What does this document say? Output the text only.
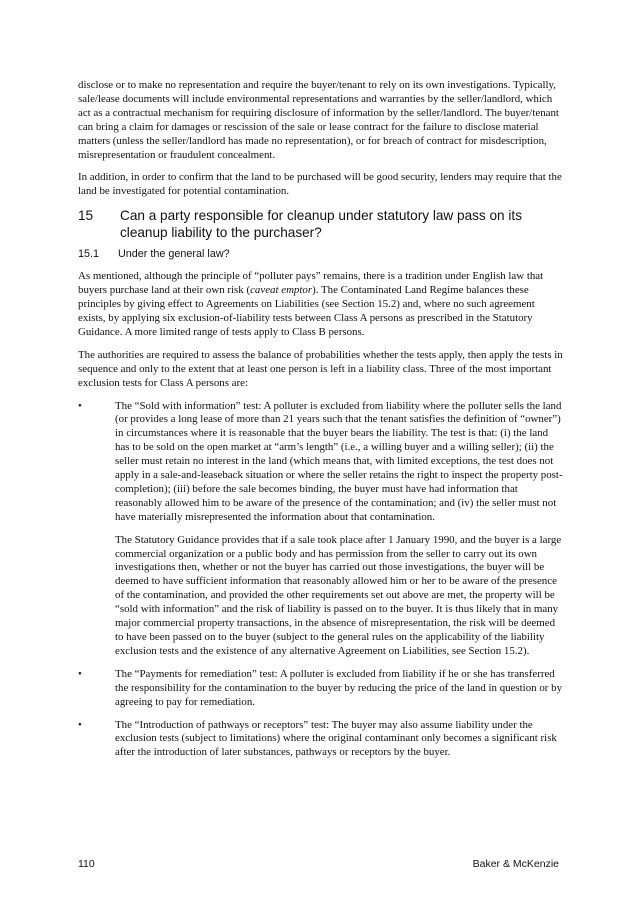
disclose or to make no representation and require the buyer/tenant to rely on its own investigations. Typically, sale/lease documents will include environmental representations and warranties by the seller/landlord, which act as a contractual mechanism for requiring disclosure of information by the seller/landlord. The buyer/tenant can bring a claim for damages or rescission of the sale or lease contract for the failure to disclose material matters (unless the seller/landlord has made no representation), or for breach of contract for misdescription, misrepresentation or fraudulent concealment.

In addition, in order to confirm that the land to be purchased will be good security, lenders may require that the land be investigated for potential contamination.

15	Can a party responsible for cleanup under statutory law pass on its cleanup liability to the purchaser?
15.1	Under the general law?

As mentioned, although the principle of “polluter pays” remains, there is a tradition under English law that buyers purchase land at their own risk (caveat emptor). The Contaminated Land Regime balances these principles by giving effect to Agreements on Liabilities (see Section 15.2) and, where no such agreement exists, by applying six exclusion-of-liability tests between Class A persons as prescribed in the Statutory Guidance. A more limited range of tests apply to Class B persons.

The authorities are required to assess the balance of probabilities whether the tests apply, then apply the tests in sequence and only to the extent that at least one person is left in a liability class. Three of the most important exclusion tests for Class A persons are:

•	The “Sold with information” test: A polluter is excluded from liability where the polluter sells the land (or provides a long lease of more than 21 years such that the tenant satisfies the definition of “owner”) in circumstances where it is reasonable that the buyer bears the liability. The test is that: (i) the land has to be sold on the open market at “arm’s length” (i.e., a willing buyer and a willing seller); (ii) the seller must retain no interest in the land (which means that, with limited exceptions, the test does not apply in a sale-and-leaseback situation or where the seller retains the right to inspect the property post-completion); (iii) before the sale becomes binding, the buyer must have had information that reasonably allowed him to be aware of the presence of the contamination; and (iv) the seller must not have materially misrepresented the information about that contamination.

The Statutory Guidance provides that if a sale took place after 1 January 1990, and the buyer is a large commercial organization or a public body and has permission from the seller to carry out its own investigations then, whether or not the buyer has carried out those investigations, the buyer will be deemed to have sufficient information that reasonably allowed him or her to be aware of the presence of the contamination, and provided the other requirements set out above are met, the property will be “sold with information” and the risk of liability is passed on to the buyer. It is thus likely that in many major commercial property transactions, in the absence of misrepresentation, the risk will be deemed to have been passed on to the buyer (subject to the general rules on the applicability of the liability exclusion tests and the existence of any alternative Agreement on Liabilities, see Section 15.2).

•	The “Payments for remediation” test: A polluter is excluded from liability if he or she has transferred the responsibility for the contamination to the buyer by reducing the price of the land in question or by agreeing to pay for remediation.

•	The “Introduction of pathways or receptors” test: The buyer may also assume liability under the exclusion tests (subject to limitations) where the original contaminant only becomes a significant risk after the introduction of later substances, pathways or receptors by the buyer.

110	Baker & McKenzie
